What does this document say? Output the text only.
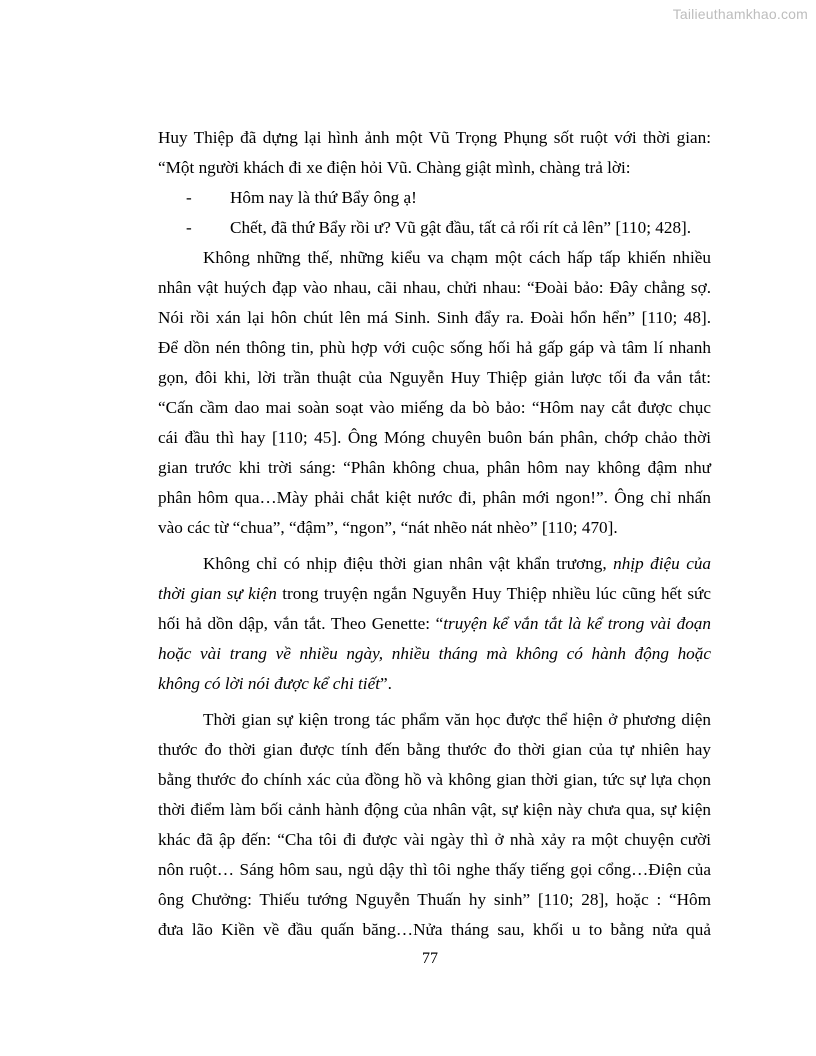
Tailieuthamkhao.com
Huy Thiệp đã dựng lại hình ảnh một Vũ Trọng Phụng sốt ruột với thời gian:
“Một người khách đi xe điện hỏi Vũ. Chàng giật mình, chàng trả lời:
- Hôm nay là thứ Bẩy ông ạ!
- Chết, đã thứ Bẩy rồi ư? Vũ gật đầu, tất cả rối rít cả lên” [110; 428].
Không những thế, những kiểu va chạm một cách hấp tấp khiến nhiều
nhân vật huých đạp vào nhau, cãi nhau, chửi nhau: “Đoài bảo: Đây chẳng sợ.
Nói rồi xán lại hôn chút lên má Sinh. Sinh đẩy ra. Đoài hổn hển” [110; 48].
Để dồn nén thông tin, phù hợp với cuộc sống hối hả gấp gáp và tâm lí nhanh
gọn, đôi khi, lời trần thuật của Nguyễn Huy Thiệp giản lược tối đa vắn tắt:
“Cấn cầm dao mai soàn soạt vào miếng da bò bảo: “Hôm nay cắt được chục
cái đầu thì hay [110; 45]. Ông Móng chuyên buôn bán phân, chớp chảo thời
gian trước khi trời sáng: “Phân không chua, phân hôm nay không đậm như
phân hôm qua…Mày phải chắt kiệt nước đi, phân mới ngon!”. Ông chỉ nhấn
vào các từ “chua”, “đậm”, “ngon”, “nát nhẽo nát nhèo” [110; 470].
Không chỉ có nhịp điệu thời gian nhân vật khẩn trương, nhịp điệu của
thời gian sự kiện trong truyện ngắn Nguyễn Huy Thiệp nhiều lúc cũng hết sức
hối hả dồn dập, vắn tắt. Theo Genette: “truyện kể vắn tắt là kể trong vài đoạn
hoặc vài trang về nhiều ngày, nhiều tháng mà không có hành động hoặc
không có lời nói được kể chi tiết”.
Thời gian sự kiện trong tác phẩm văn học được thể hiện ở phương diện
thước đo thời gian được tính đến bằng thước đo thời gian của tự nhiên hay
bằng thước đo chính xác của đồng hồ và không gian thời gian, tức sự lựa chọn
thời điểm làm bối cảnh hành động của nhân vật, sự kiện này chưa qua, sự kiện
khác đã ập đến: “Cha tôi đi được vài ngày thì ở nhà xảy ra một chuyện cười
nôn ruột… Sáng hôm sau, ngủ dậy thì tôi nghe thấy tiếng gọi cổng…Điện của
ông Chưởng: Thiếu tướng Nguyễn Thuấn hy sinh” [110; 28], hoặc : “Hôm
đưa lão Kiền về đầu quấn băng…Nửa tháng sau, khối u to bằng nửa quả
77
